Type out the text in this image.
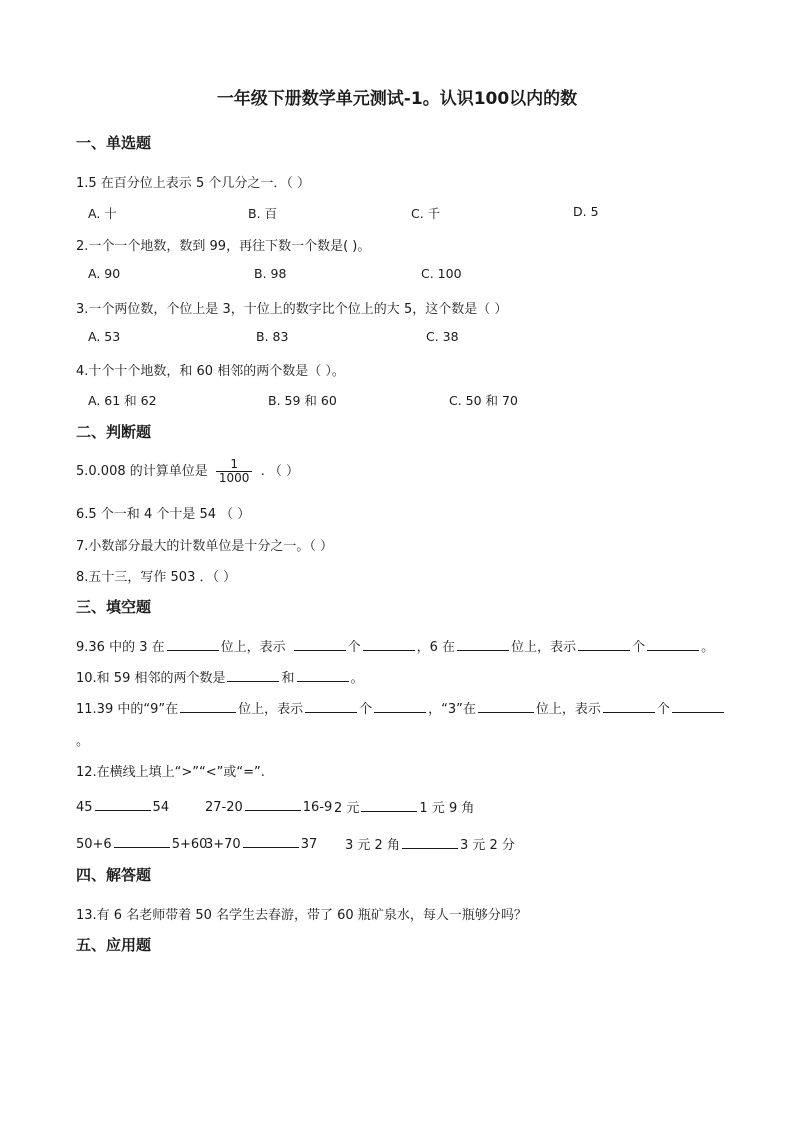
一年级下册数学单元测试-1。认识100以内的数
一、单选题
1.5 在百分位上表示 5 个几分之一．（ ）
A. 十	B. 百	C. 千	D. 5
2.一个一个地数，数到 99，再往下数一个数是( )。
A. 90	B. 98	C. 100
3.一个两位数，个位上是 3，十位上的数字比个位上的大 5，这个数是（ ）
A. 53	B. 83	C. 38
4.十个十个地数，和 60 相邻的两个数是（ ）。
A. 61 和 62	B. 59 和 60	C. 50 和 70
二、判断题
5.0.008 的计算单位是 $\frac{1}{1000}$ . （ ）
6.5 个一和 4 个十是 54 （ ）
7.小数部分最大的计数单位是十分之一。（ ）
8.五十三，写作 503 ．（ ）
三、填空题
9.36 中的 3 在	位上，表示	个	，6 在	位上，表示	个	。
10.和 59 相邻的两个数是	和	。
11.39 中的“9”在	位上，表示	个	，“3”在	位上，表示	个
。
12.在横线上填上“>”“<”或“=”.
45	54	27-20	16-9 2 元	1 元 9 角
50+6	5+60
3+70	37 3 元 2 角	3 元 2 分
四、解答题
13.有 6 名老师带着 50 名学生去春游，带了 60 瓶矿泉水，每人一瓶够分吗？
五、应用题
